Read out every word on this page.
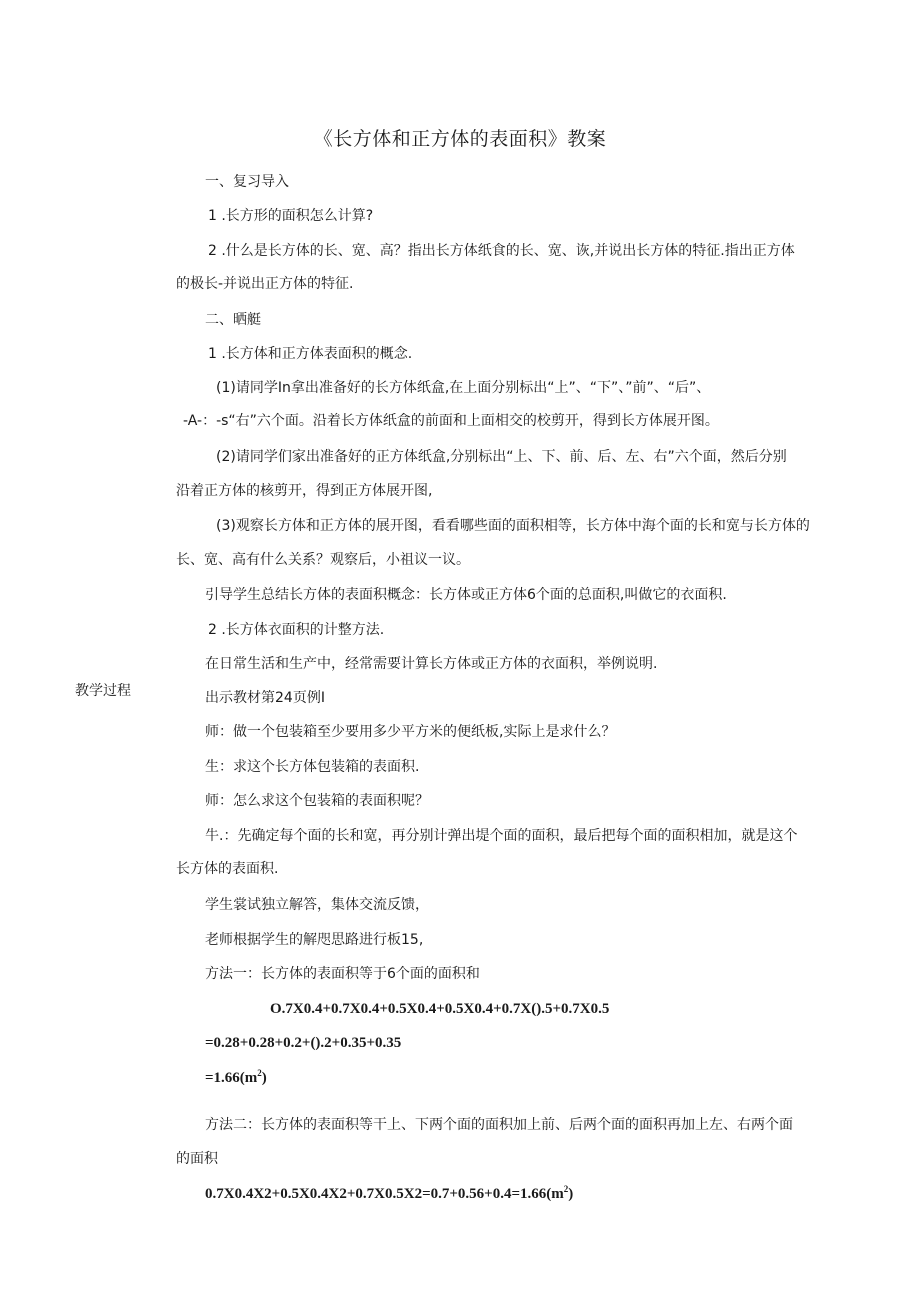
《长方体和正方体的表面积》教案
教学过程
一、复习导入
1 .长方形的面积怎么计算?
2 .什么是长方体的长、宽、高？指出长方体纸食的长、宽、诙,并说出长方体的特征.指出正方体
的极长-并说出正方体的特征.
二、晒艇
1 .长方体和正方体表面积的概念.
(1)请同学In拿出准备好的长方体纸盒,在上面分别标出“上”、“下”、”前”、“后”、
-A-：-s“右”六个面。沿着长方体纸盒的前面和上面相交的校剪开，得到长方体展开图。
(2)请同学们家出准备好的正方体纸盒,分别标出“上、下、前、后、左、右”六个面，然后分别
沿着正方体的核剪开，得到正方体展开图,
(3)观察长方体和正方体的展开图，看看哪些面的面积相等，长方体中海个面的长和宽与长方体的
长、宽、高有什么关系？观察后，小祖议一议。
引导学生总结长方体的表面积概念：长方体或正方体6个面的总面积,叫做它的衣面积.
2 .长方体衣面积的计整方法.
在日常生活和生产中，经常需要计算长方体或正方体的衣面积，举例说明.
出示教材第24页例I
师：做一个包装箱至少要用多少平方米的便纸板,实际上是求什么？
生：求这个长方体包装箱的表面积.
师：怎么求这个包装箱的表面积呢？
牛.：先确定每个面的长和宽，再分别计弹出堤个面的面积，最后把每个面的面积相加，就是这个
长方体的表面积.
学生裳试独立解答，集体交流反馈，
老师根据学生的解咫思路进行板15,
方法一：长方体的表面积等于6个面的面积和
O.7X0.4+0.7X0.4+0.5X0.4+0.5X0.4+0.7X().5+0.7X0.5
=0.28+0.28+0.2+().2+0.35+0.35
$=1.66(m^2)$
方法二：长方体的表面积等干上、下两个面的面积加上前、后两个面的面积再加上左、右两个面
的面积
$0.7X0.4X2+0.5X0.4X2+0.7X0.5X2=0.7+0.56+0.4=1.66(m^2)$
